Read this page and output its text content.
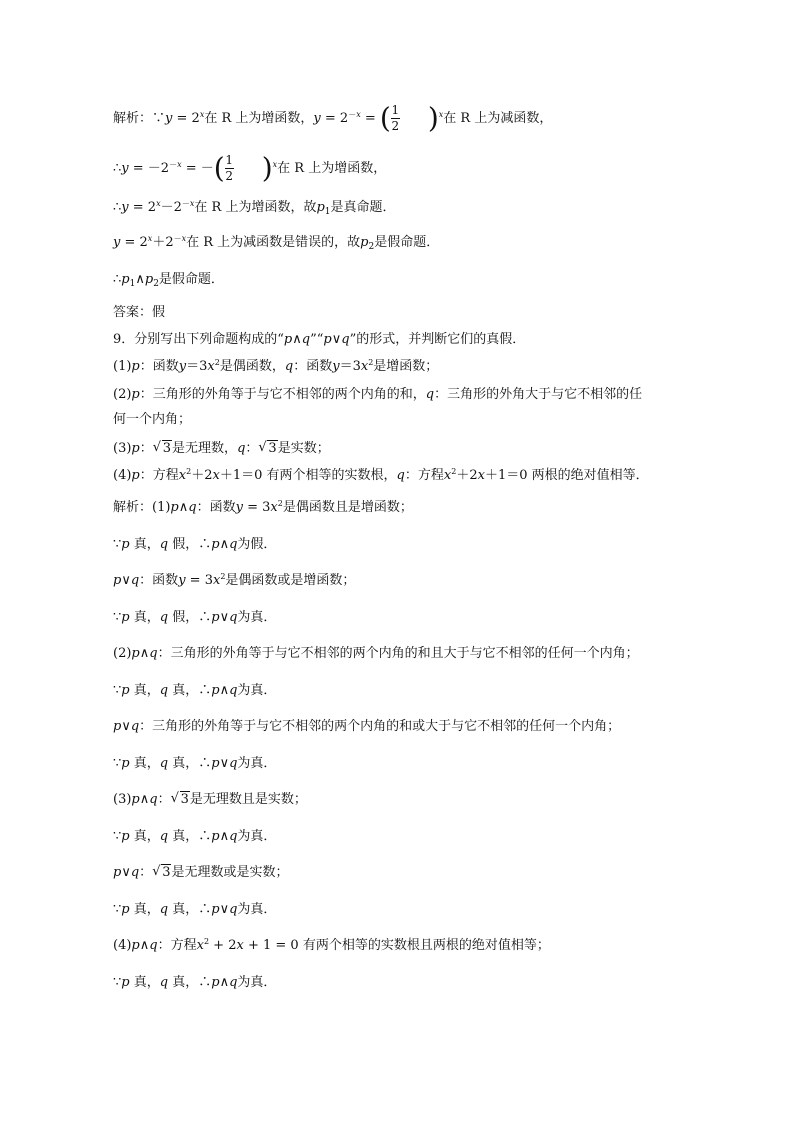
解析：∵y = $2^x$在 R 上为增函数，$y = 2^{-x}$ = ( $\frac{1}{2} )^x$在 R 上为减函数，
∴y = $-2^{-x}$ = －( $\frac{1}{2} )^x$在 R 上为增函数，
∴y = $2^x-2^{-x}$在 R 上为增函数，故$p_1$是真命题．
$y = 2^x+2^{-x}$在 R 上为减函数是错误的，故$p_2$是假命题．
$\therefore p_1\wedge p_2$是假命题．
答案：假
9．分别写出下列命题构成的“p∧q”“p∨q”的形式，并判断它们的真假．
(1)p：函数$y=3x^2$是偶函数，q：函数$y=3x^2$是增函数；
(2)p：三角形的外角等于与它不相邻的两个内角的和，q：三角形的外角大于与它不相邻的任
何一个内角；
(3)p： √ 3是无理数，q： √ 3是实数；
(4)p：方程$x^2+2x+1=0$ 有两个相等的实数根，q：方程$x^2+2x+1=0$ 两根的绝对值相等．
解析：(1)p∧q：函数$y = 3x^2$是偶函数且是增函数；
∵p 真，q 假，∴p∧q为假．
p∨q：函数$y = 3x^2$是偶函数或是增函数；
∵p 真，q 假，∴p∨q为真．
(2)p∧q：三角形的外角等于与它不相邻的两个内角的和且大于与它不相邻的任何一个内角；
∵p 真，q 真，∴p∧q为真．
p∨q：三角形的外角等于与它不相邻的两个内角的和或大于与它不相邻的任何一个内角；
∵p 真，q 真，∴p∨q为真．
(3)p∧q： √ 3是无理数且是实数；
∵p 真，q 真，∴p∧q为真．
p∨q： √ 3是无理数或是实数；
∵p 真，q 真，∴p∨q为真．
(4)p∧q：方程$x^2 + 2x + 1 = 0$ 有两个相等的实数根且两根的绝对值相等；
∵p 真，q 真，∴p∧q为真．
